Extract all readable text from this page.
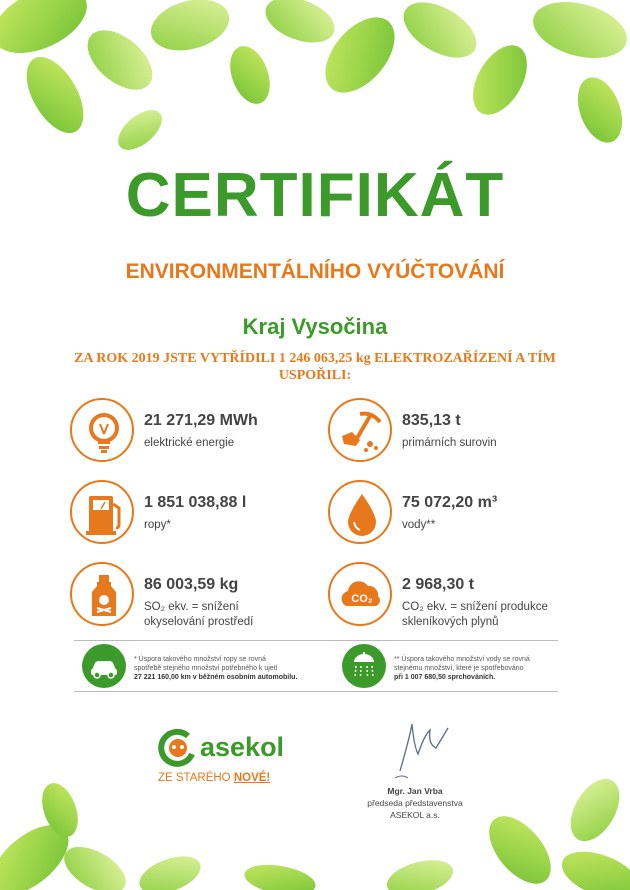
CERTIFIKÁT
ENVIRONMENTÁLNÍHO VYÚČTOVÁNÍ
Kraj Vysočina
ZA ROK 2019 JSTE VYTŘÍDILI 1 246 063,25 kg ELEKTROZAŘÍZENÍ A TÍM USPOŘILI:
21 271,29 MWh
elektrické energie
835,13 t
primárních surovin
1 851 038,88 l
ropy*
75 072,20 m³
vody**
86 003,59 kg
SO₂ ekv. = snížení
okyselování prostředí
CO₂
2 968,30 t
CO₂ ekv. = snížení produkce
skleníkových plynů
* Úspora takového množství ropy se rovná
spotřebě stejného množství potřebného k ujetí
27 221 160,00 km v běžném osobním automobilu.
** Úspora takového množství vody se rovná
stejnému množství, které je spotřebováno
při 1 007 680,50 sprchováních.
asekol
ZE STARÉHO NOVÉ!
Mgr. Jan Vrba
předseda představenstva
ASEKOL a.s.
